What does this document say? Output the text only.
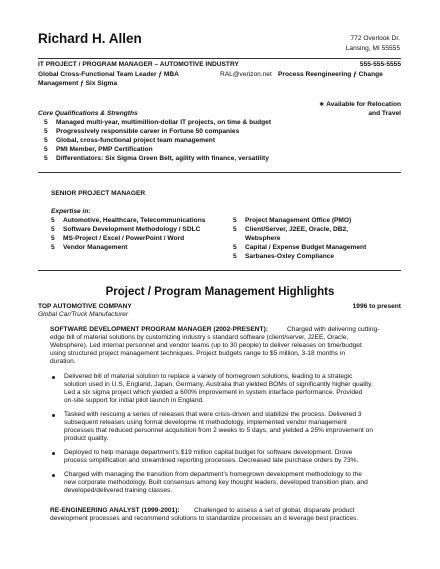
Richard H. Allen	772 Overlook Dr.
Lansing, MI 55555
IT PROJECT / PROGRAM MANAGER – AUTOMOTIVE INDUSTRY	555-555-5555
Global Cross-Functional Team Leader ƒ MBA	RAL@verizon.net Process Reengineering ƒ Change
Management ƒ Six Sigma
∗ Available for Relocation
and Travel
Core Qualifications & Strengths
5 Managed multi-year, multimillion-dollar IT projects, on time & budget
5 Progressively responsible career in Fortune 50 companies
5 Global, cross-functional project team management
5 PMI Member, PMP Certification
5 Differentiators: Six Sigma Green Belt, agility with finance, versatility
SENIOR PROJECT MANAGER
Expertise in:
5 Automotive, Healthcare, Telecommunications
5 Software Development Methodology / SDLC
5 MS-Project / Excel / PowerPoint / Word
5 Vendor Management
5 Project Management Office (PMO)
5 Client/Server, J2EE, Oracle, DB2,
Websphere
5 Capital / Expense Budget Management
5 Sarbanes-Oxley Compliance
Project / Program Management Highlights
TOP AUTOMOTIVE COMPANY	1996 to present
Global Car/Truck Manufacturer
SOFTWARE DEVELOPMENT PROGRAM MANAGER (2002-PRESENT):	Charged with delivering cutting-
edge bill of material solutions by customizing industry s standard software (client/server, J2EE, Oracle,
Websphere). Led internal personnel and vendor teams (up to 30 people) to deliver releases on time/budget
using structured project management techniques. Project budgets range to $5 million, 3-18 months in
duration.
Delivered bill of material solution to replace a variety of homegrown solutions, leading to a strategic
solution used in U.S, England, Japan, Germany, Australia that yielded BOMs of significantly higher quality.
Led a six sigma project which yielded a 600% improvement in system interface performance. Provided
on-site support for initial pilot launch in England.
Tasked with rescuing a series of releases that were crisis-driven and stabilize the process. Delivered 3
subsequent releases using formal developme nt methodology, implemented vendor management
processes that reduced personnel acquisition from 2 weeks to 5 days, and yielded a 25% improvement on
product quality.
Deployed to help manage department’s $19 million capital budget for software development. Drove
process simplification and streamlined reporting processes. Decreased late purchase orders by 73%.
Charged with managing the transition from department’s homegrown development methodology to the
new corporate methodology. Built consensus among key thought leaders, developed transition plan, and
developed/delivered training classes.
RE-ENGINEERING ANALYST (1999-2001): Challenged to assess a set of global, disparate product
development processes and recommend solutions to standardize processes an d leverage best practices.
